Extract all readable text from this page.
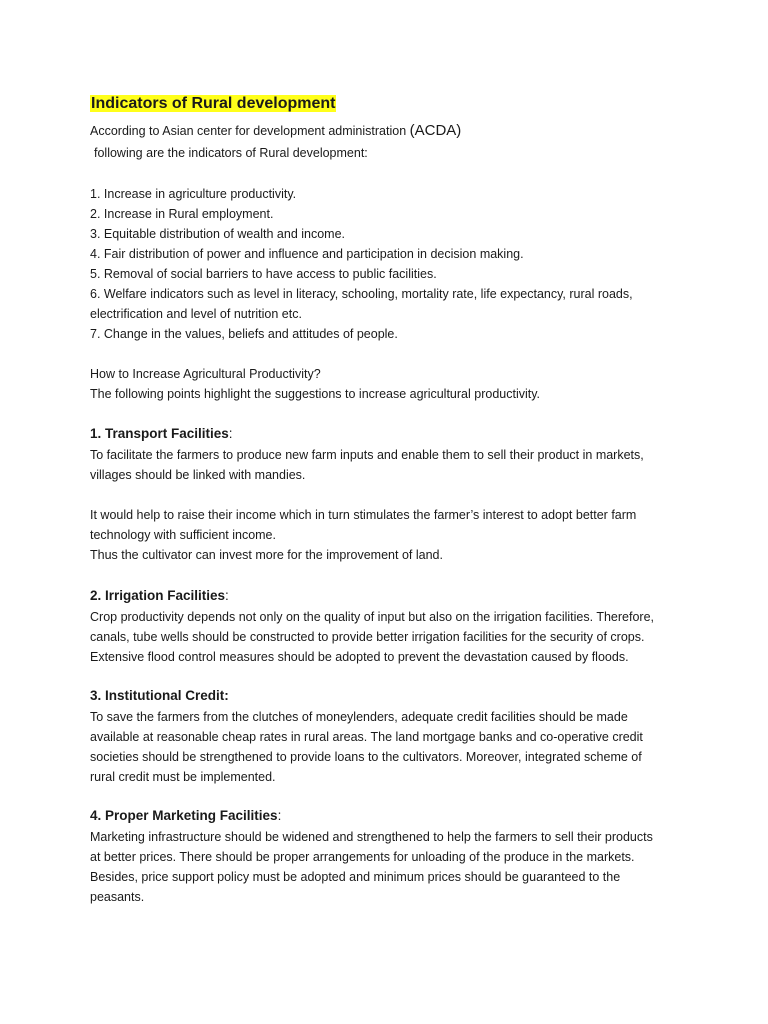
Indicators of Rural development
According to Asian center for development administration (ACDA)
following are the indicators of Rural development:

1. Increase in agriculture productivity.

2. Increase in Rural employment.

3. Equitable distribution of wealth and income.

4. Fair distribution of power and influence and participation in decision making.

5. Removal of social barriers to have access to public facilities.

6. Welfare indicators such as level in literacy, schooling, mortality rate, life expectancy, rural roads,

electrification and level of nutrition etc.

7. Change in the values, beliefs and attitudes of people.

How to Increase Agricultural Productivity?

The following points highlight the suggestions to increase agricultural productivity.

1. Transport Facilities:

To facilitate the farmers to produce new farm inputs and enable them to sell their product in markets,

villages should be linked with mandies.

It would help to raise their income which in turn stimulates the farmer’s interest to adopt better farm

technology with sufficient income.

Thus the cultivator can invest more for the improvement of land.

2. Irrigation Facilities:

Crop productivity depends not only on the quality of input but also on the irrigation facilities. Therefore,

canals, tube wells should be constructed to provide better irrigation facilities for the security of crops.

Extensive flood control measures should be adopted to prevent the devastation caused by floods.

3. Institutional Credit:

To save the farmers from the clutches of moneylenders, adequate credit facilities should be made

available at reasonable cheap rates in rural areas. The land mortgage banks and co-operative credit

societies should be strengthened to provide loans to the cultivators. Moreover, integrated scheme of

rural credit must be implemented.

4. Proper Marketing Facilities:

Marketing infrastructure should be widened and strengthened to help the farmers to sell their products

at better prices. There should be proper arrangements for unloading of the produce in the markets.

Besides, price support policy must be adopted and minimum prices should be guaranteed to the

peasants.
